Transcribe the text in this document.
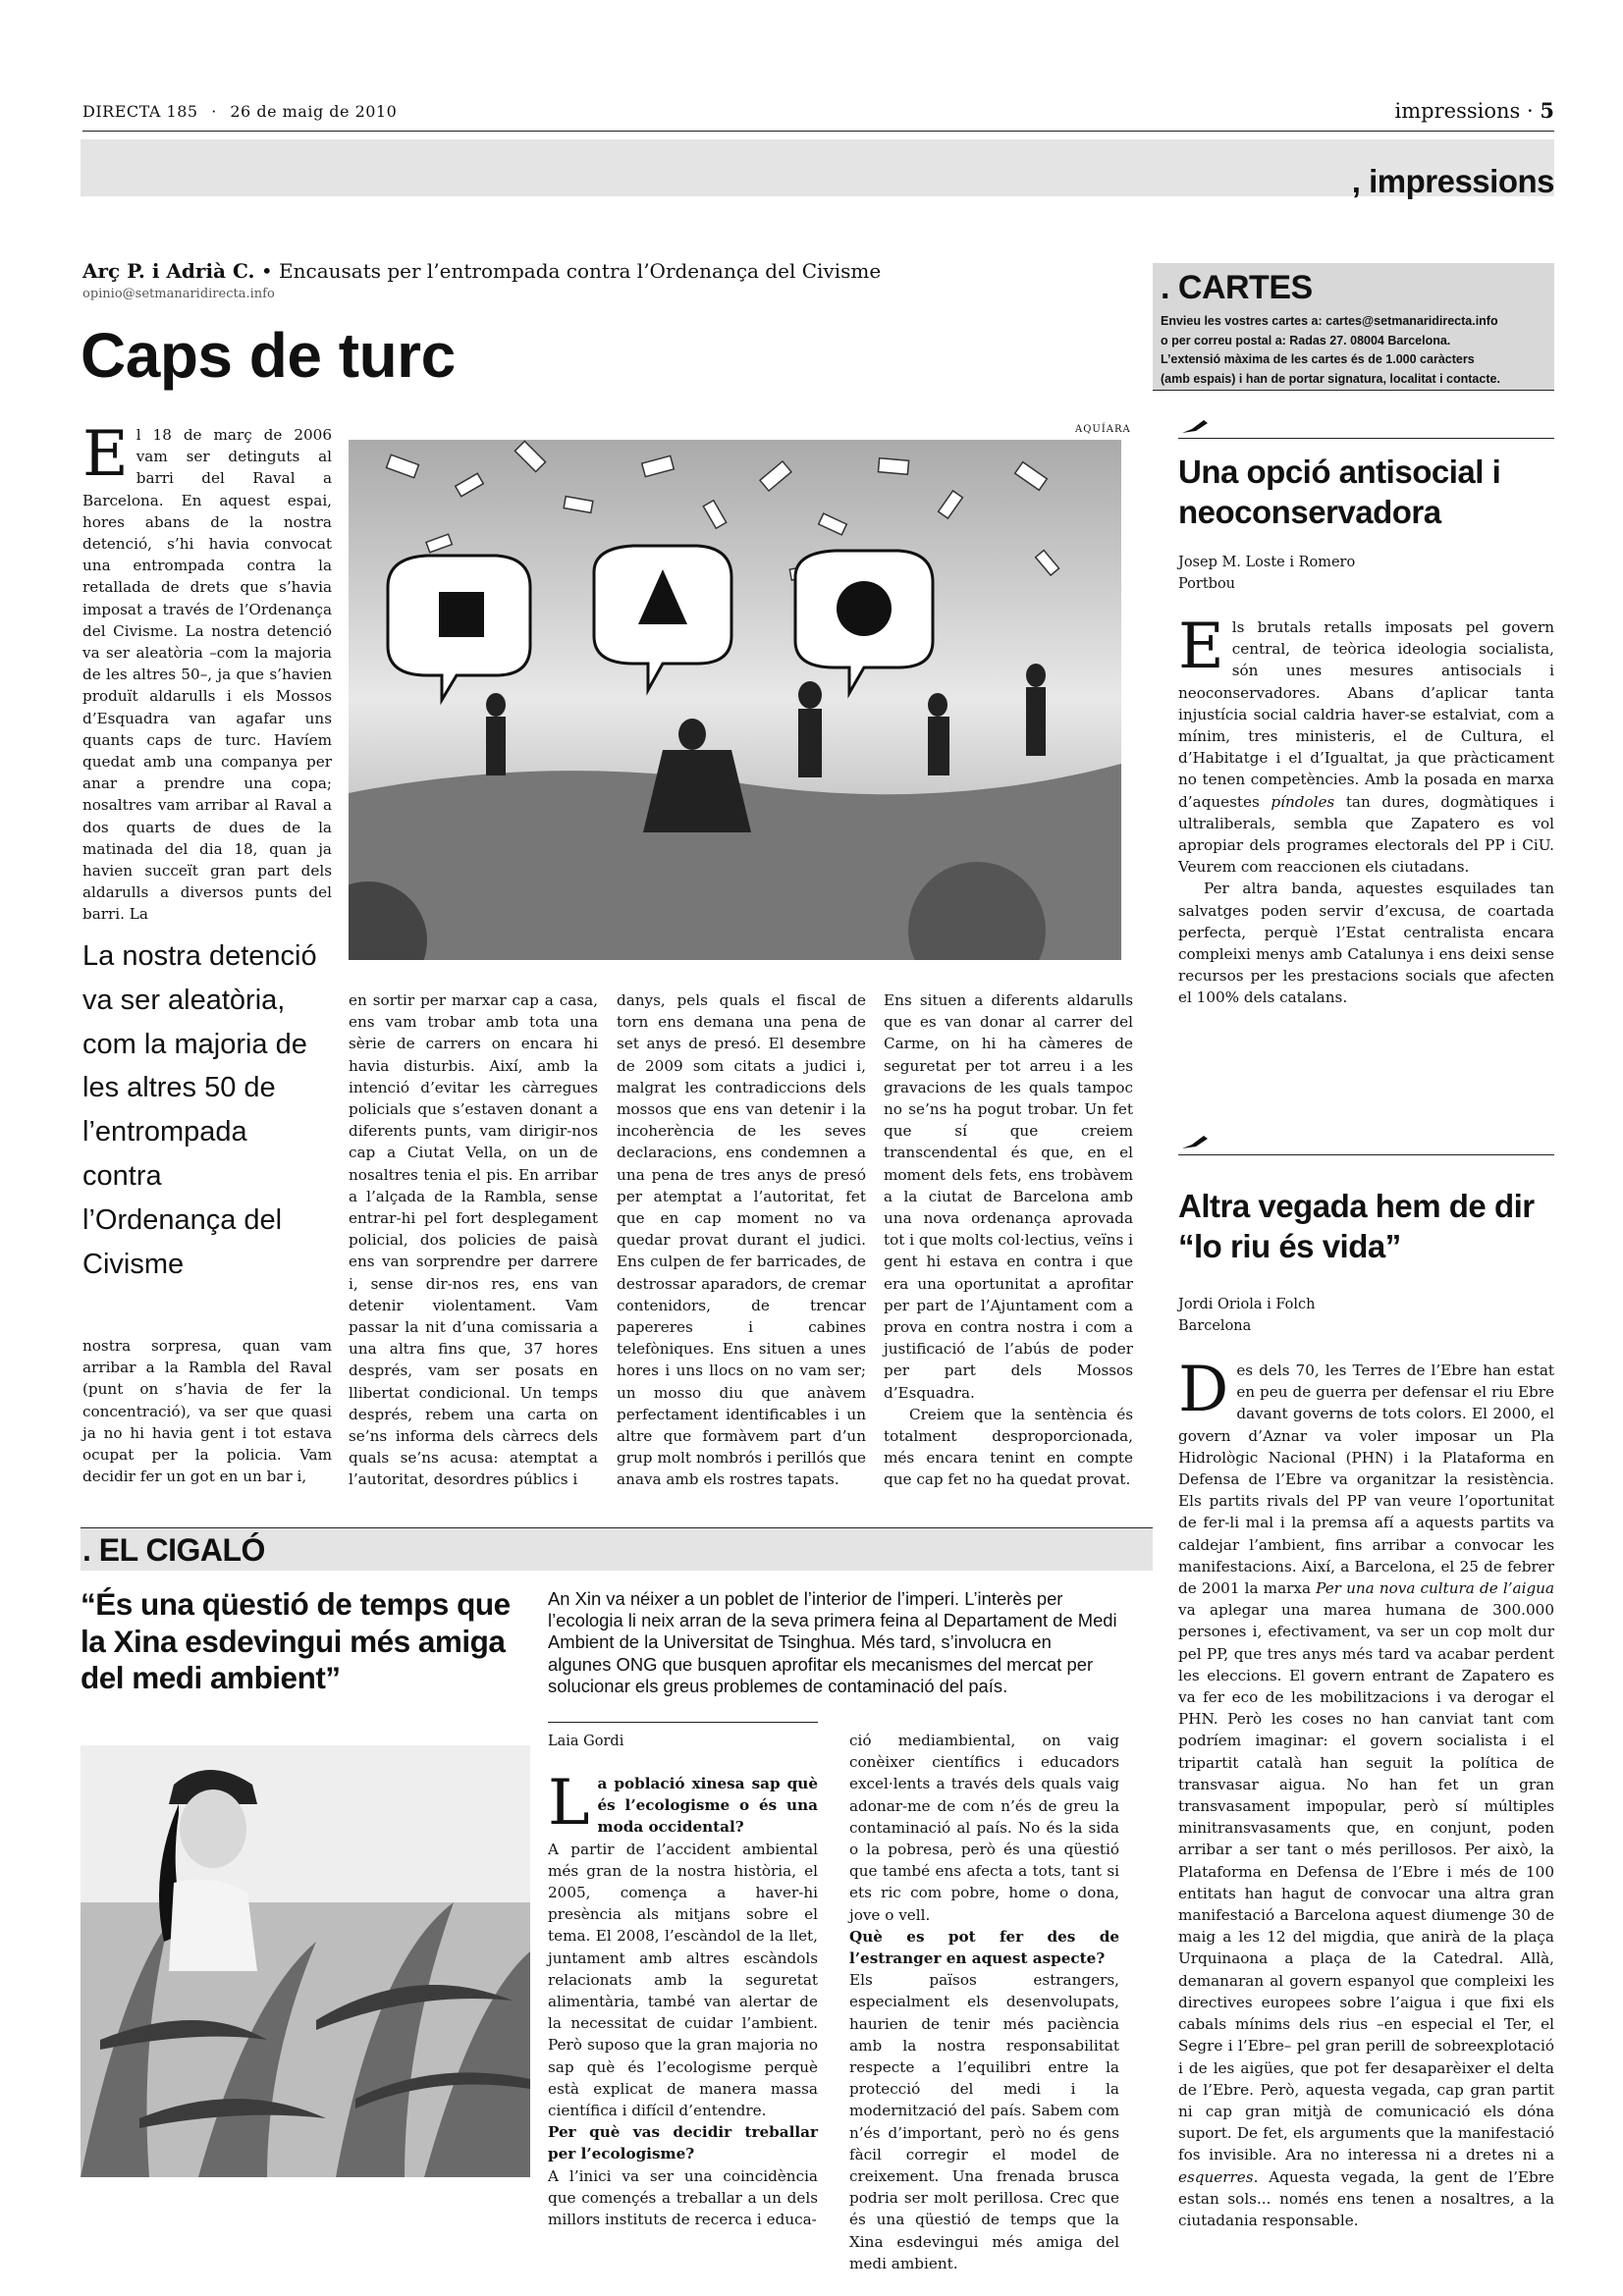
DIRECTA 185 · 26 de maig de 2010	impressions · 5
, impressions
Arç P. i Adrià C. • Encausats per l’entrompada contra l’Ordenança del Civisme
opinio@setmanaridirecta.info
Caps de turc
El 18 de març de 2006 vam ser detinguts al barri del Raval a Barcelona. En aquest espai, hores abans de la nostra detenció, s’hi havia convocat una entrompada contra la retallada de drets que s’havia imposat a través de l’Ordenança del Civisme. La nostra detenció va ser aleatòria –com la majoria de les altres 50–, ja que s’havien produït aldarulls i els Mossos d’Esquadra van agafar uns quants caps de turc. Havíem quedat amb una companya per anar a prendre una copa; nosaltres vam arribar al Raval a dos quarts de dues de la matinada del dia 18, quan ja havien succeït gran part dels aldarulls a diversos punts del barri. La
AQUÍARA
La nostra detenció va ser aleatòria, com la majoria de les altres 50 de l’entrompada contra l’Ordenança del Civisme
nostra sorpresa, quan vam arribar a la Rambla del Raval (punt on s’havia de fer la concentració), va ser que quasi ja no hi havia gent i tot estava ocupat per la policia. Vam decidir fer un got en un bar i,
en sortir per marxar cap a casa, ens vam trobar amb tota una sèrie de carrers on encara hi havia disturbis. Així, amb la intenció d’evitar les càrregues policials que s’estaven donant a diferents punts, vam dirigir-nos cap a Ciutat Vella, on un de nosaltres tenia el pis. En arribar a l’alçada de la Rambla, sense entrar-hi pel fort desplegament policial, dos policies de paisà ens van sorprendre per darrere i, sense dir-nos res, ens van detenir violentament. Vam passar la nit d’una comissaria a una altra fins que, 37 hores després, vam ser posats en llibertat condicional. Un temps després, rebem una carta on se’ns informa dels càrrecs dels quals se’ns acusa: atemptat a l’autoritat, desordres públics i
danys, pels quals el fiscal de torn ens demana una pena de set anys de presó. El desembre de 2009 som citats a judici i, malgrat les contradiccions dels mossos que ens van detenir i la incoherència de les seves declaracions, ens condemnen a una pena de tres anys de presó per atemptat a l’autoritat, fet que en cap moment no va quedar provat durant el judici. Ens culpen de fer barricades, de destrossar aparadors, de cremar contenidors, de trencar papereres i cabines telefòniques. Ens situen a unes hores i uns llocs on no vam ser; un mosso diu que anàvem perfectament identificables i un altre que formàvem part d’un grup molt nombrós i perillós que anava amb els rostres tapats.

Ens situen a diferents aldarulls que es van donar al carrer del Carme, on hi ha càmeres de seguretat per tot arreu i a les gravacions de les quals tampoc no se’ns ha pogut trobar. Un fet que sí que creiem transcendental és que, en el moment dels fets, ens trobàvem a la ciutat de Barcelona amb una nova ordenança aprovada tot i que molts col·lectius, veïns i gent hi estava en contra i que era una oportunitat a aprofitar per part de l’Ajuntament com a prova en contra nostra i com a justificació de l’abús de poder per part dels Mossos d’Esquadra.

Creiem que la sentència és totalment desproporcionada, més encara tenint en compte que cap fet no ha quedat provat.

. CARTES
Envieu les vostres cartes a: cartes@setmanaridirecta.info
o per correu postal a: Radas 27. 08004 Barcelona.
L’extensió màxima de les cartes és de 1.000 caràcters
(amb espais) i han de portar signatura, localitat i contacte.
Una opció antisocial i neoconservadora
Josep M. Loste i Romero
Portbou

Els brutals retalls imposats pel govern central, de teòrica ideologia socialista, són unes mesures antisocials i neoconservadores. Abans d’aplicar tanta injustícia social caldria haver-se estalviat, com a mínim, tres ministeris, el de Cultura, el d’Habitatge i el d’Igualtat, ja que pràcticament no tenen competències. Amb la posada en marxa d’aquestes píndoles tan dures, dogmàtiques i ultraliberals, sembla que Zapatero es vol apropiar dels programes electorals del PP i CiU. Veurem com reaccionen els ciutadans.

Per altra banda, aquestes esquilades tan salvatges poden servir d’excusa, de coartada perfecta, perquè l’Estat centralista encara compleixi menys amb Catalunya i ens deixi sense recursos per les prestacions socials que afecten el 100% dels catalans.

Altra vegada hem de dir “lo riu és vida”
Jordi Oriola i Folch
Barcelona

Des dels 70, les Terres de l’Ebre han estat en peu de guerra per defensar el riu Ebre davant governs de tots colors. El 2000, el govern d’Aznar va voler imposar un Pla Hidrològic Nacional (PHN) i la Plataforma en Defensa de l’Ebre va organitzar la resistència. Els partits rivals del PP van veure l’oportunitat de fer-li mal i la premsa afí a aquests partits va caldejar l’ambient, fins arribar a convocar les manifestacions. Així, a Barcelona, el 25 de febrer de 2001 la marxa Per una nova cultura de l’aigua va aplegar una marea humana de 300.000 persones i, efectivament, va ser un cop molt dur pel PP, que tres anys més tard va acabar perdent les eleccions. El govern entrant de Zapatero es va fer eco de les mobilitzacions i va derogar el PHN. Però les coses no han canviat tant com podríem imaginar: el govern socialista i el tripartit català han seguit la política de transvasar aigua. No han fet un gran transvasament impopular, però sí múltiples minitransvasaments que, en conjunt, poden arribar a ser tant o més perillosos. Per això, la Plataforma en Defensa de l’Ebre i més de 100 entitats han hagut de convocar una altra gran manifestació a Barcelona aquest diumenge 30 de maig a les 12 del migdia, que anirà de la plaça Urquinaona a plaça de la Catedral. Allà, demanaran al govern espanyol que compleixi les directives europees sobre l’aigua i que fixi els cabals mínims dels rius –en especial el Ter, el Segre i l’Ebre– pel gran perill de sobreexplotació i de les aigües, que pot fer desaparèixer el delta de l’Ebre. Però, aquesta vegada, cap gran partit ni cap gran mitjà de comunicació els dóna suport. De fet, els arguments que la manifestació fos invisible. Ara no interessa ni a dretes ni a esquerres. Aquesta vegada, la gent de l’Ebre estan sols... només ens tenen a nosaltres, a la ciutadania responsable.

. EL CIGALÓ
“És una qüestió de temps que la Xina esdevingui més amiga del medi ambient”
An Xin va néixer a un poblet de l’interior de l’imperi. L’interès per l’ecologia li neix arran de la seva primera feina al Departament de Medi Ambient de la Universitat de Tsinghua. Més tard, s’involucra en algunes ONG que busquen aprofitar els mecanismes del mercat per solucionar els greus problemes de contaminació del país.
Laia Gordi

La població xinesa sap què és l’ecologisme o és una moda occidental?

A partir de l’accident ambiental més gran de la nostra història, el 2005, comença a haver-hi presència als mitjans sobre el tema. El 2008, l’escàndol de la llet, juntament amb altres escàndols relacionats amb la seguretat alimentària, també van alertar de la necessitat de cuidar l’ambient. Però suposo que la gran majoria no sap què és l’ecologisme perquè està explicat de manera massa científica i difícil d’entendre.

Per què vas decidir treballar per l’ecologisme?

A l’inici va ser una coincidència que començés a treballar a un dels millors instituts de recerca i educa-

ció mediambiental, on vaig conèixer científics i educadors excel·lents a través dels quals vaig adonar-me de com n’és de greu la contaminació al país. No és la sida o la pobresa, però és una qüestió que també ens afecta a tots, tant si ets ric com pobre, home o dona, jove o vell.

Què es pot fer des de l’estranger en aquest aspecte?

Els països estrangers, especialment els desenvolupats, haurien de tenir més paciència amb la nostra responsabilitat respecte a l’equilibri entre la protecció del medi i la modernització del país. Sabem com n’és d’important, però no és gens fàcil corregir el model de creixement. Una frenada brusca podria ser molt perillosa. Crec que és una qüestió de temps que la Xina esdevingui més amiga del medi ambient.
